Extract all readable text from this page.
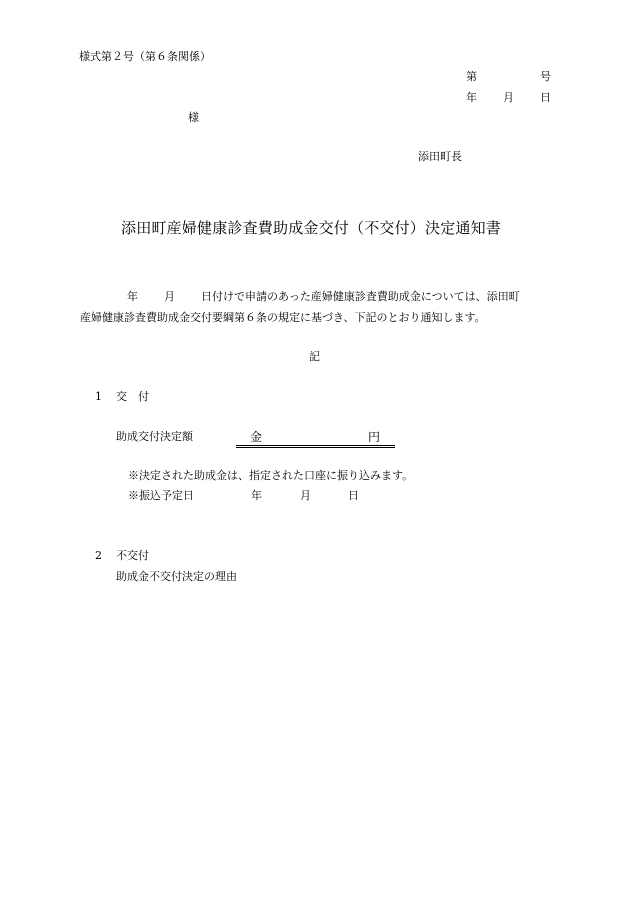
様式第２号（第６条関係）
第	号
年 月 日
様
添田町長
添田町産婦健康診査費助成金交付（不交付）決定通知書
年 月 日付けで申請のあった産婦健康診査費助成金については、添田町
産婦健康診査費助成金交付要綱第６条の規定に基づき、下記のとおり通知します。
記
1 交　付
助成交付決定額	金	円
※決定された助成金は、指定された口座に振り込みます。
※振込予定日	年	月	日
2 不交付
助成金不交付決定の理由
